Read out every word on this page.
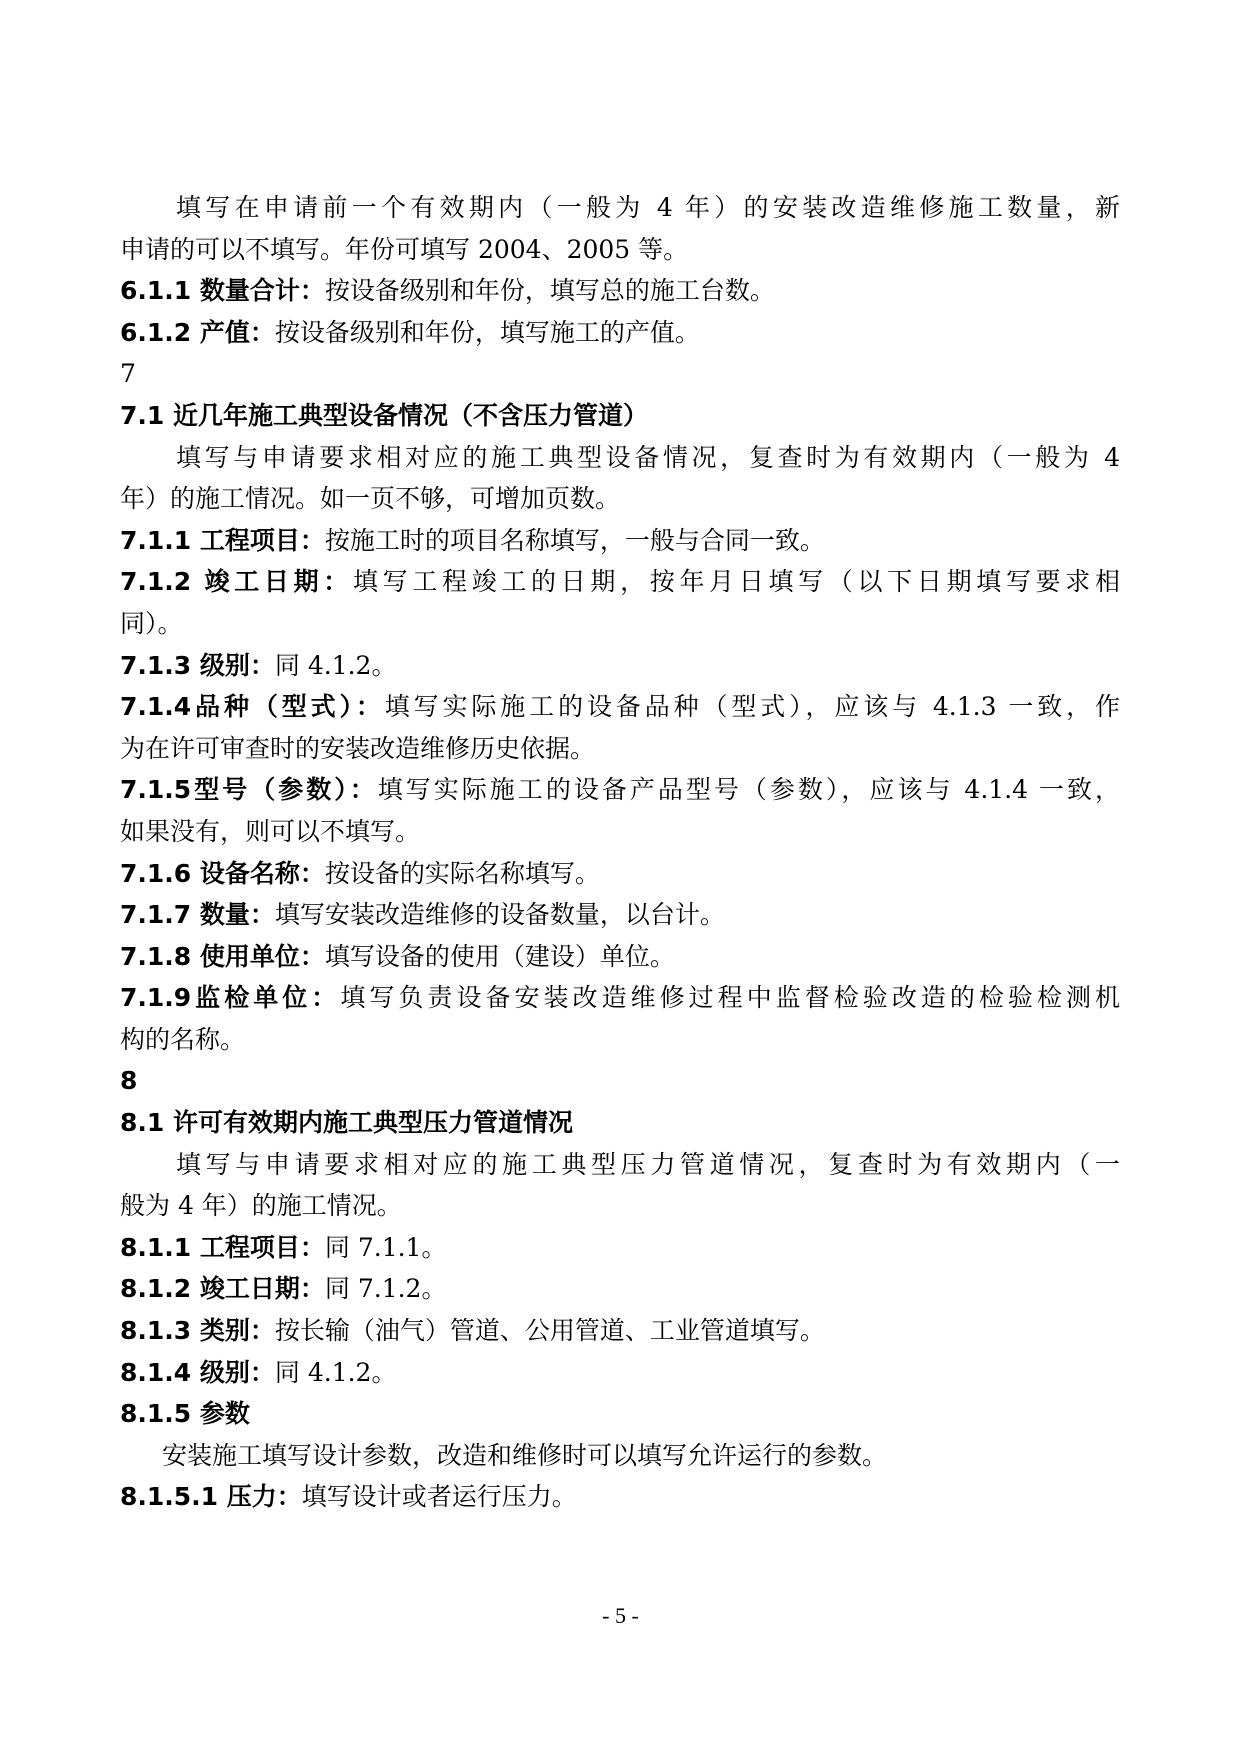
填写在申请前一个有效期内（一般为 4 年）的安装改造维修施工数量，新
申请的可以不填写。年份可填写 2004、2005 等。
6.1.1 数量合计：按设备级别和年份，填写总的施工台数。
6.1.2 产值：按设备级别和年份，填写施工的产值。
7
7.1 近几年施工典型设备情况（不含压力管道）
填写与申请要求相对应的施工典型设备情况，复查时为有效期内（一般为 4
年）的施工情况。如一页不够，可增加页数。
7.1.1 工程项目：按施工时的项目名称填写，一般与合同一致。
7.1.2 竣工日期：填写工程竣工的日期，按年月日填写（以下日期填写要求相
同）。
7.1.3 级别：同 4.1.2。
7.1.4品种（型式）：填写实际施工的设备品种（型式），应该与 4.1.3 一致，作
为在许可审查时的安装改造维修历史依据。
7.1.5型号（参数）：填写实际施工的设备产品型号（参数），应该与 4.1.4 一致，
如果没有，则可以不填写。
7.1.6 设备名称：按设备的实际名称填写。
7.1.7 数量：填写安装改造维修的设备数量，以台计。
7.1.8 使用单位：填写设备的使用（建设）单位。
7.1.9监检单位：填写负责设备安装改造维修过程中监督检验改造的检验检测机
构的名称。
8
8.1 许可有效期内施工典型压力管道情况
填写与申请要求相对应的施工典型压力管道情况，复查时为有效期内（一
般为 4 年）的施工情况。
8.1.1 工程项目：同 7.1.1。
8.1.2 竣工日期：同 7.1.2。
8.1.3 类别：按长输（油气）管道、公用管道、工业管道填写。
8.1.4 级别：同 4.1.2。
8.1.5 参数
安装施工填写设计参数，改造和维修时可以填写允许运行的参数。
8.1.5.1 压力：填写设计或者运行压力。
- 5 -
